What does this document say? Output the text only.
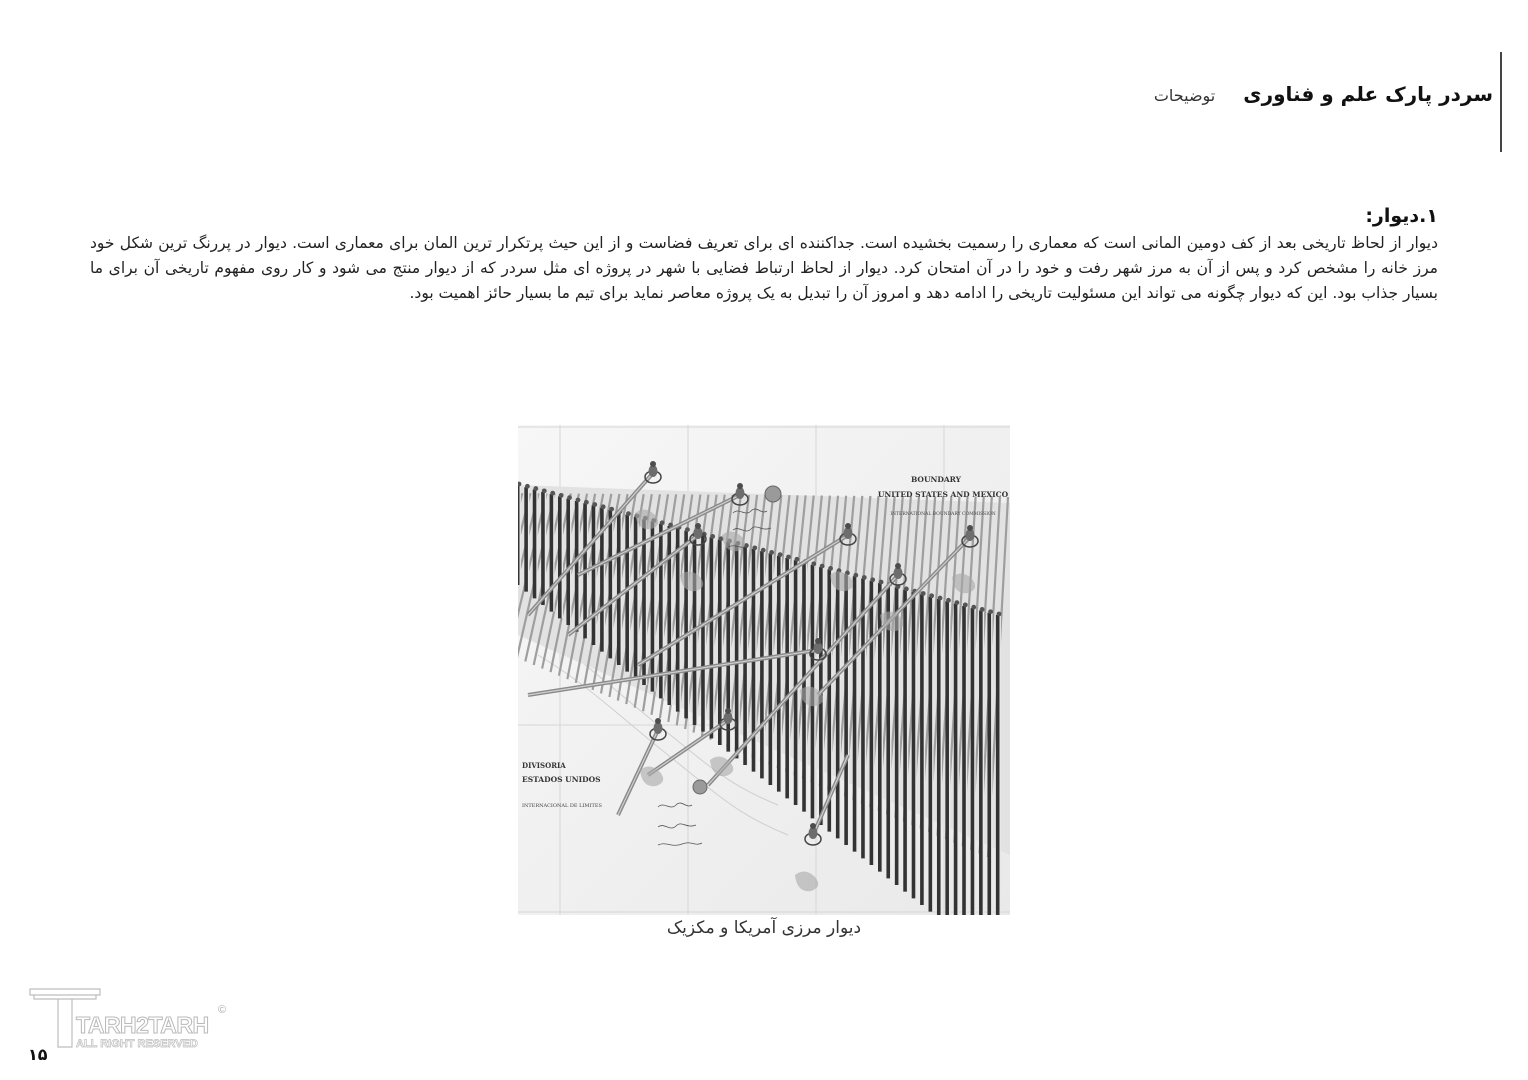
سردر پارک علم و فناوری
توضیحات
۱.دیوار:

دیوار از لحاظ تاریخی بعد از کف دومین المانی است که معماری را رسمیت بخشیده است. جداکننده ای برای تعریف فضاست و از این حیث پرتکرار ترین المان برای معماری است. دیوار در پررنگ ترین شکل خود مرز خانه را مشخص کرد و پس از آن به مرز شهر رفت و خود را در آن امتحان کرد. دیوار از لحاظ ارتباط فضایی با شهر در پروژه ای مثل سردر که از دیوار منتج می شود و کار روی مفهوم تاریخی آن برای ما بسیار جذاب بود. این که دیوار چگونه می تواند این مسئولیت تاریخی را ادامه دهد و امروز آن را تبدیل به یک پروژه معاصر نماید برای تیم ما بسیار حائز اهمیت بود.

BOUNDARY
UNITED STATES AND MEXICO
INTERNATIONAL BOUNDARY COMMISSION
DIVISORIA
ESTADOS UNIDOS
INTERNACIONAL DE LIMITES
دیوار مرزی آمریکا و مکزیک
TARH2TARH
ALL RIGHT RESERVED
©
۱۵
